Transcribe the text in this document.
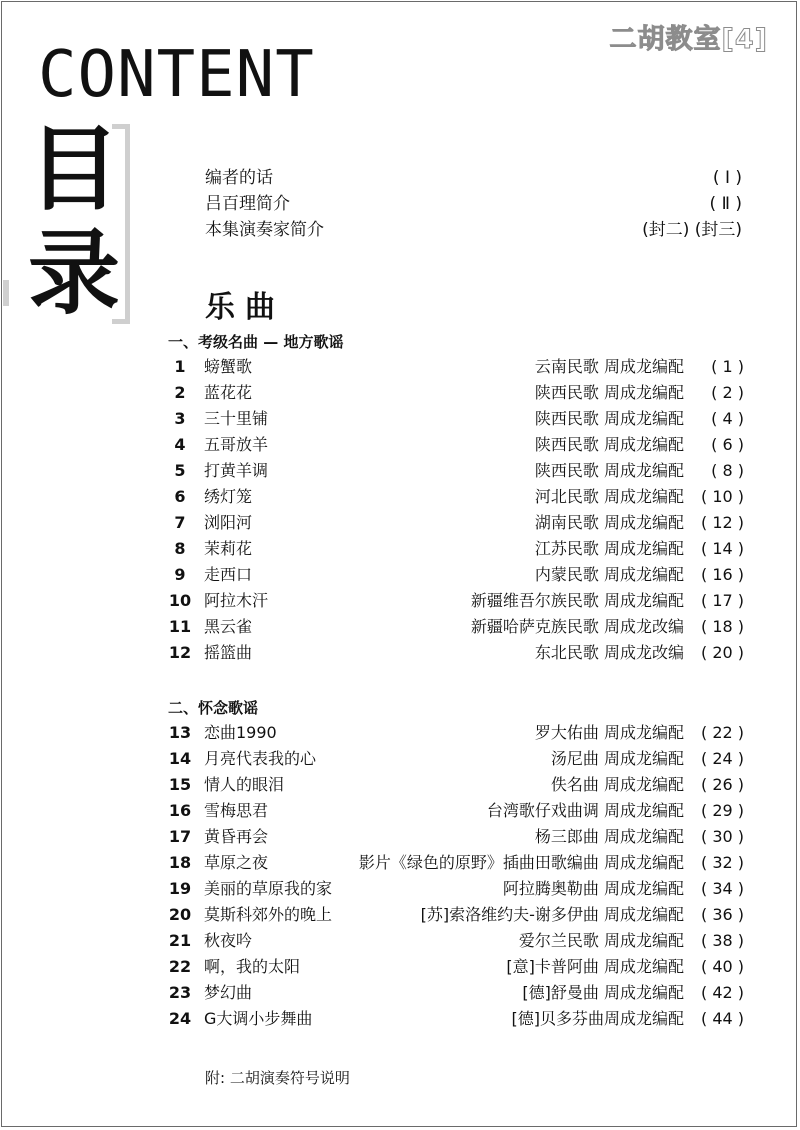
二胡教室[4]
CONTENT
目
录
编者的话	( Ⅰ )
吕百理简介	( Ⅱ )
本集演奏家简介	(封二) (封三)
乐曲
一、考级名曲 — 地方歌谣
1	螃蟹歌	云南民歌 周成龙编配 ( 1 )
2	蓝花花	陕西民歌 周成龙编配 ( 2 )
3	三十里铺	陕西民歌 周成龙编配 ( 4 )
4	五哥放羊	陕西民歌 周成龙编配 ( 6 )
5	打黄羊调	陕西民歌 周成龙编配 ( 8 )
6	绣灯笼	河北民歌 周成龙编配 ( 10 )
7	浏阳河	湖南民歌 周成龙编配 ( 12 )
8	茉莉花	江苏民歌 周成龙编配 ( 14 )
9	走西口	内蒙民歌 周成龙编配 ( 16 )
10 阿拉木汗	新疆维吾尔族民歌 周成龙编配 ( 17 )
11 黑云雀	新疆哈萨克族民歌 周成龙改编 ( 18 )
12 摇篮曲	东北民歌 周成龙改编 ( 20 )
二、怀念歌谣
13 恋曲1990	罗大佑曲 周成龙编配 ( 22 )
14 月亮代表我的心	汤尼曲 周成龙编配 ( 24 )
15 情人的眼泪	佚名曲 周成龙编配 ( 26 )
16 雪梅思君	台湾歌仔戏曲调 周成龙编配 ( 29 )
17 黄昏再会	杨三郎曲 周成龙编配 ( 30 )
18 草原之夜	影片《绿色的原野》插曲田歌编曲 周成龙编配 ( 32 )
19 美丽的草原我的家	阿拉腾奥勒曲 周成龙编配 ( 34 )
20 莫斯科郊外的晚上	[苏]索洛维约夫-谢多伊曲 周成龙编配 ( 36 )
21 秋夜吟	爱尔兰民歌 周成龙编配 ( 38 )
22 啊，我的太阳	[意]卡普阿曲 周成龙编配 ( 40 )
23 梦幻曲	[德]舒曼曲 周成龙编配 ( 42 )
24 G大调小步舞曲	[德]贝多芬曲周成龙编配 ( 44 )

附: 二胡演奏符号说明
